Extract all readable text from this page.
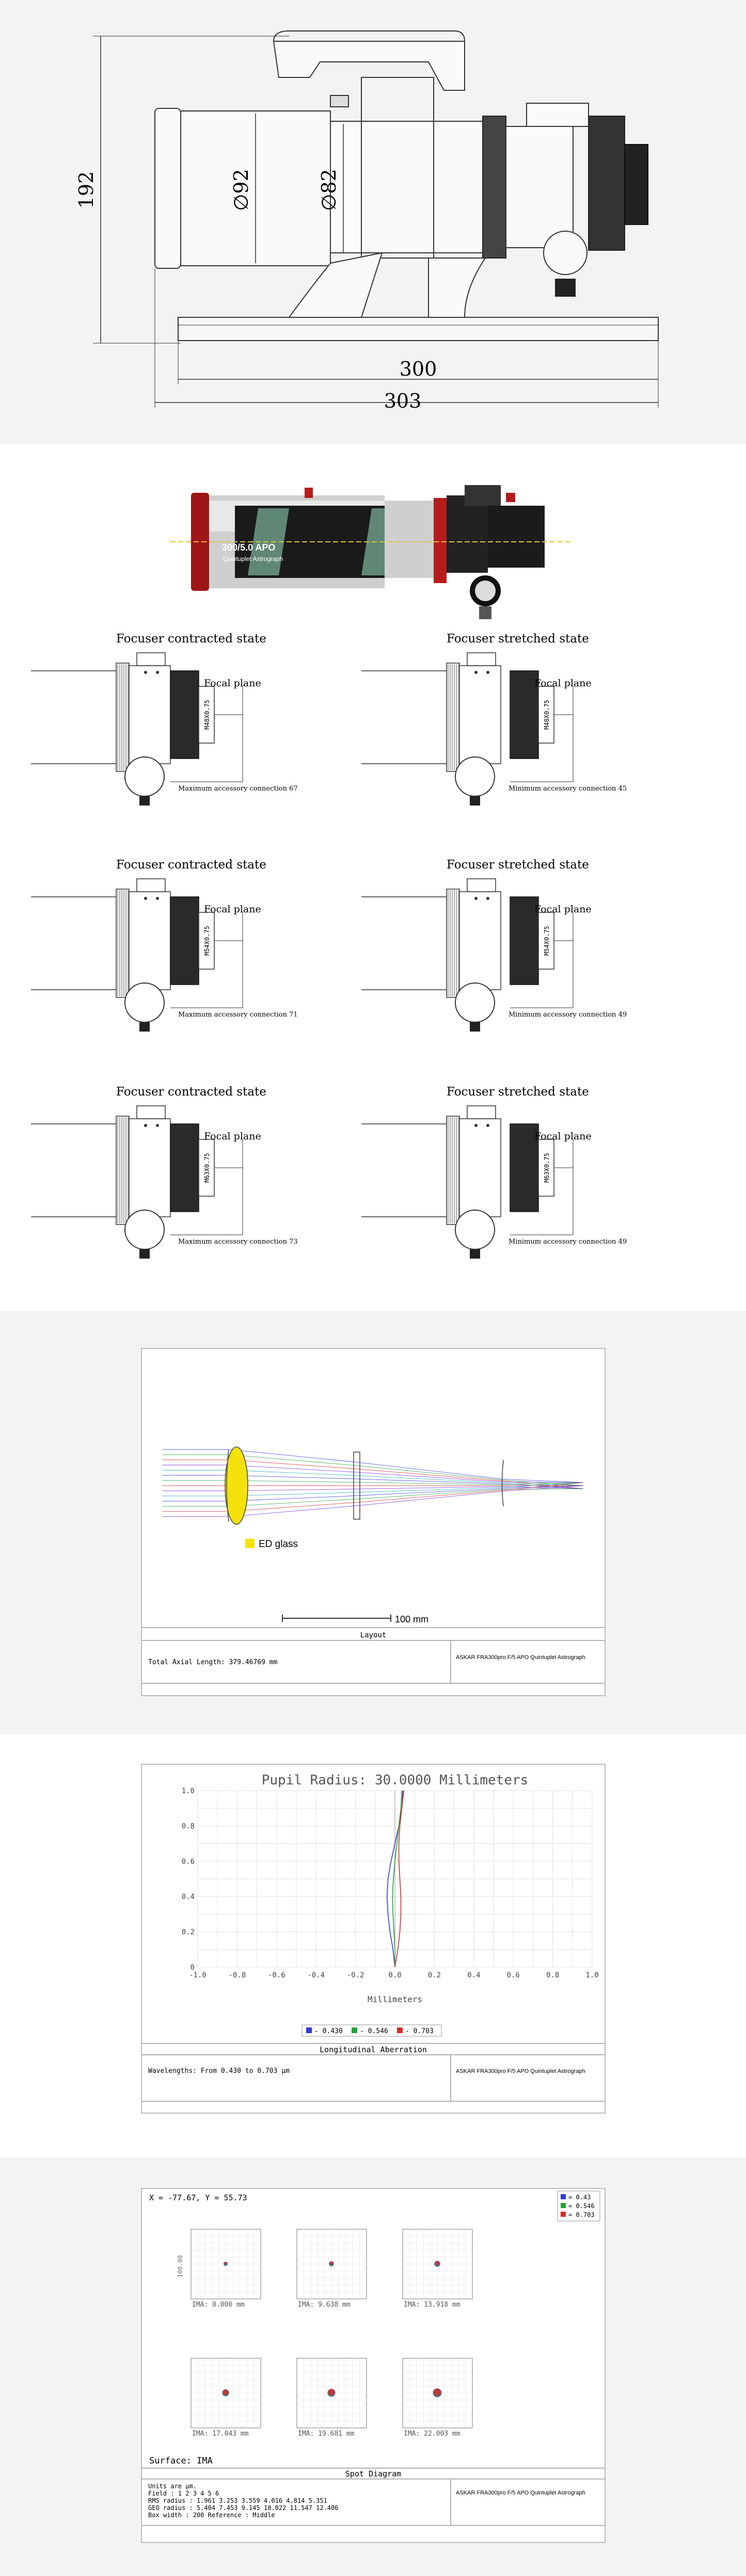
192	∅92	∅82
300
303
300/5.0 APO
Quintuplet Astrograph
M48X0.75
Focal plane
Focuser contracted state
Maximum accessory connection 67
M48X0.75
Focal plane
Focuser stretched state
Minimum accessory connection 45
M54X0.75
Focal plane
Focuser contracted state
Maximum accessory connection 71
M54X0.75
Focal plane
Focuser stretched state
Minimum accessory connection 49
M63X0.75
Focal plane
Focuser contracted state
Maximum accessory connection 73
M63X0.75
Focal plane
Focuser stretched state
Minimum accessory connection 49
ED glass
100 mm
Layout
Total Axial Length: 379.46769 mm
ASKAR FRA300pro F/5 APO Quintuplet Astrograph
Pupil Radius: 30.0000 Millimeters
-1.0	-0.8	-0.6	-0.4	-0.2	0.0	0.2	0.4	0.6	0.8	1.0
0
0.2
0.4
0.6
0.8
1.0
Millimeters
- 0.430	- 0.546	- 0.703
Longitudinal Aberration
Wavelengths: From 0.430 to 0.703 µm	ASKAR FRA300pro F/5 APO Quintuplet Astrograph
X = -77.67, Y = 55.73	= 0.43
= 0.546
= 0.703
100.00
IMA: 0.000 mm	IMA: 9.638 mm	IMA: 13.918 mm
IMA: 17.043 mm	IMA: 19.681 mm	IMA: 22.003 mm
Surface: IMA
Spot Diagram
ASKAR FRA300pro F/5 APO Quintuplet Astrograph
Units are µm.
Field : 1 2 3 4 5 6
RMS radius : 1.961 3.253 3.559 4.016 4.814 5.351
GEO radius : 5.404 7.453 9.145 10.022 11.547 12.406
Box width : 200 Reference : Middle
